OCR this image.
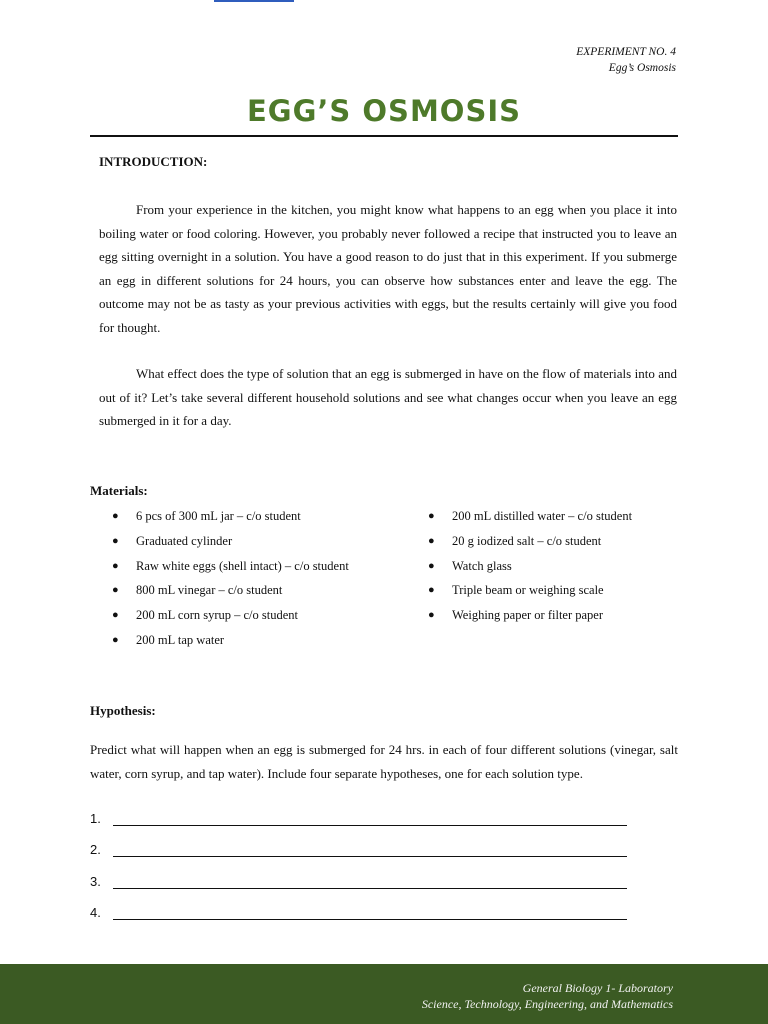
EXPERIMENT NO. 4
Egg’s Osmosis
EGG’S OSMOSIS
INTRODUCTION:

From your experience in the kitchen, you might know what happens to an egg when you place it into boiling water or food coloring. However, you probably never followed a recipe that instructed you to leave an egg sitting overnight in a solution. You have a good reason to do just that in this experiment. If you submerge an egg in different solutions for 24 hours, you can observe how substances enter and leave the egg. The outcome may not be as tasty as your previous activities with eggs, but the results certainly will give you food for thought.

What effect does the type of solution that an egg is submerged in have on the flow of materials into and out of it? Let’s take several different household solutions and see what changes occur when you leave an egg submerged in it for a day.

Materials:
● 6 pcs of 300 mL jar – c/o student
● Graduated cylinder
● Raw white eggs (shell intact) – c/o student
● 800 mL vinegar – c/o student
● 200 mL corn syrup – c/o student
● 200 mL tap water
● 200 mL distilled water – c/o student
● 20 g iodized salt – c/o student
● Watch glass
● Triple beam or weighing scale
● Weighing paper or filter paper
Hypothesis:

Predict what will happen when an egg is submerged for 24 hrs. in each of four different solutions (vinegar, salt water, corn syrup, and tap water). Include four separate hypotheses, one for each solution type.

1.
2.
3.
4.
General Biology 1- Laboratory
Science, Technology, Engineering, and Mathematics
